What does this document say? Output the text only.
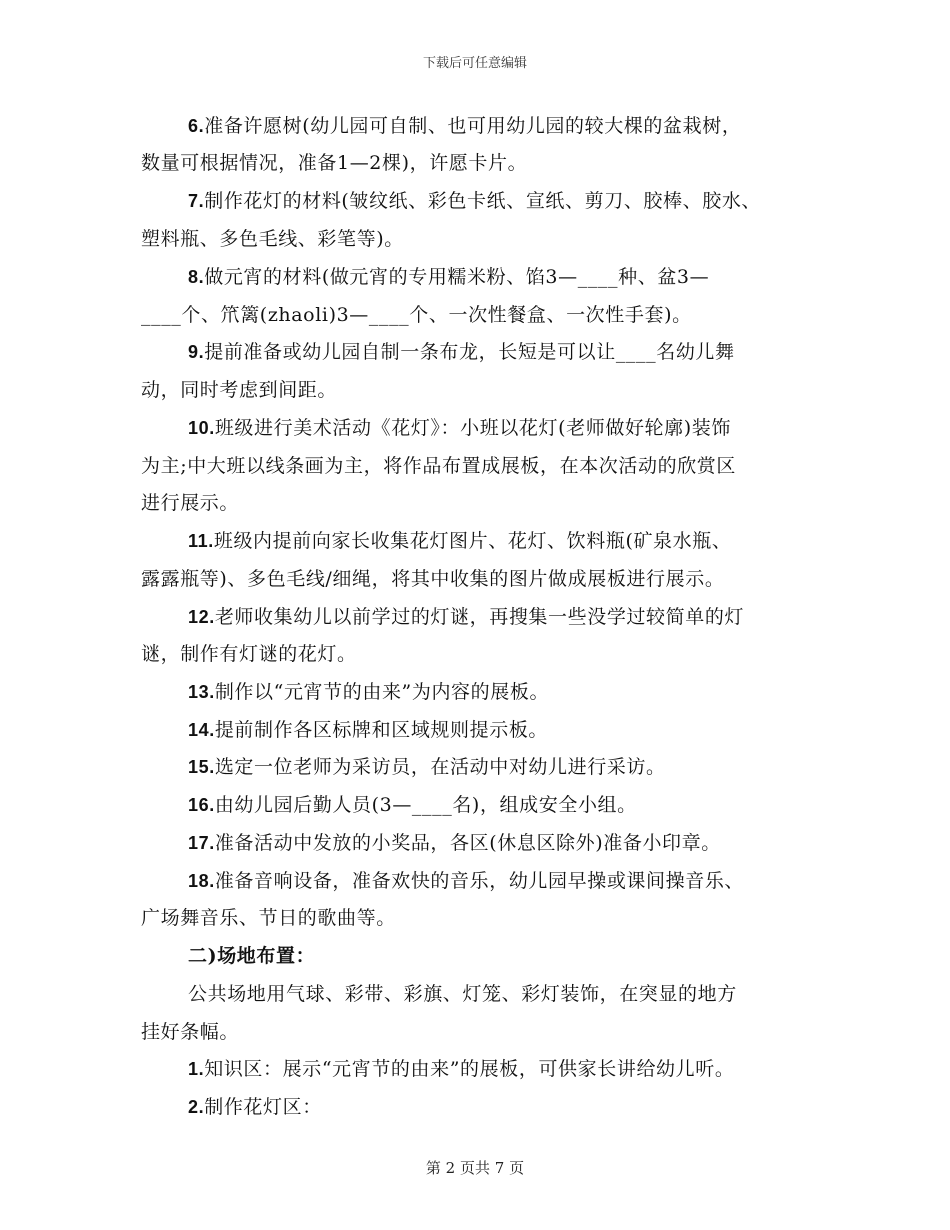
下载后可任意编辑
6.准备许愿树(幼儿园可自制、也可用幼儿园的较大棵的盆栽树，
数量可根据情况，准备1—2棵)，许愿卡片。
7.制作花灯的材料(皱纹纸、彩色卡纸、宣纸、剪刀、胶棒、胶水、
塑料瓶、多色毛线、彩笔等)。
8.做元宵的材料(做元宵的专用糯米粉、馅3—____种、盆3—
____个、笊篱(zhaoli)3—____个、一次性餐盒、一次性手套)。
9.提前准备或幼儿园自制一条布龙，长短是可以让____名幼儿舞
动，同时考虑到间距。
10.班级进行美术活动《花灯》：小班以花灯(老师做好轮廓)装饰
为主;中大班以线条画为主，将作品布置成展板，在本次活动的欣赏区
进行展示。
11.班级内提前向家长收集花灯图片、花灯、饮料瓶(矿泉水瓶、
露露瓶等)、多色毛线/细绳，将其中收集的图片做成展板进行展示。
12.老师收集幼儿以前学过的灯谜，再搜集一些没学过较简单的灯
谜，制作有灯谜的花灯。
13.制作以“元宵节的由来”为内容的展板。
14.提前制作各区标牌和区域规则提示板。
15.选定一位老师为采访员，在活动中对幼儿进行采访。
16.由幼儿园后勤人员(3—____名)，组成安全小组。
17.准备活动中发放的小奖品，各区(休息区除外)准备小印章。
18.准备音响设备，准备欢快的音乐，幼儿园早操或课间操音乐、
广场舞音乐、节日的歌曲等。
二)场地布置：
公共场地用气球、彩带、彩旗、灯笼、彩灯装饰，在突显的地方
挂好条幅。
1.知识区：展示“元宵节的由来”的展板，可供家长讲给幼儿听。
2.制作花灯区：
第 2 页共 7 页
